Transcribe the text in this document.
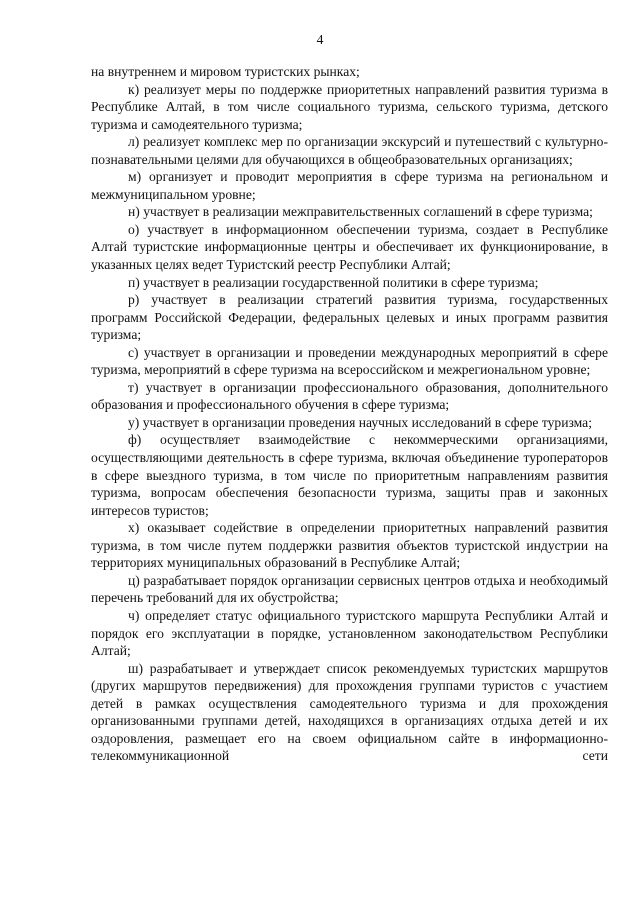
4

на внутреннем и мировом туристских рынках;

к) реализует меры по поддержке приоритетных направлений развития туризма в Республике Алтай, в том числе социального туризма, сельского туризма, детского туризма и самодеятельного туризма;

л) реализует комплекс мер по организации экскурсий и путешествий с культурно-познавательными целями для обучающихся в общеобразовательных организациях;

м) организует и проводит мероприятия в сфере туризма на региональном и межмуниципальном уровне;

н) участвует в реализации межправительственных соглашений в сфере туризма;

о) участвует в информационном обеспечении туризма, создает в Республике Алтай туристские информационные центры и обеспечивает их функционирование, в указанных целях ведет Туристский реестр Республики Алтай;

п) участвует в реализации государственной политики в сфере туризма;

р) участвует в реализации стратегий развития туризма, государственных программ Российской Федерации, федеральных целевых и иных программ развития туризма;

с) участвует в организации и проведении международных мероприятий в сфере туризма, мероприятий в сфере туризма на всероссийском и межрегиональном уровне;

т) участвует в организации профессионального образования, дополнительного образования и профессионального обучения в сфере туризма;

у) участвует в организации проведения научных исследований в сфере туризма;

ф) осуществляет взаимодействие с некоммерческими организациями, осуществляющими деятельность в сфере туризма, включая объединение туроператоров в сфере выездного туризма, в том числе по приоритетным направлениям развития туризма, вопросам обеспечения безопасности туризма, защиты прав и законных интересов туристов;

х) оказывает содействие в определении приоритетных направлений развития туризма, в том числе путем поддержки развития объектов туристской индустрии на территориях муниципальных образований в Республике Алтай;

ц) разрабатывает порядок организации сервисных центров отдыха и необходимый перечень требований для их обустройства;

ч) определяет статус официального туристского маршрута Республики Алтай и порядок его эксплуатации в порядке, установленном законодательством Республики Алтай;

ш) разрабатывает и утверждает список рекомендуемых туристских маршрутов (других маршрутов передвижения) для прохождения группами туристов с участием детей в рамках осуществления самодеятельного туризма и для прохождения организованными группами детей, находящихся в организациях отдыха детей и их оздоровления, размещает его на своем официальном сайте в информационно-телекоммуникационной сети
